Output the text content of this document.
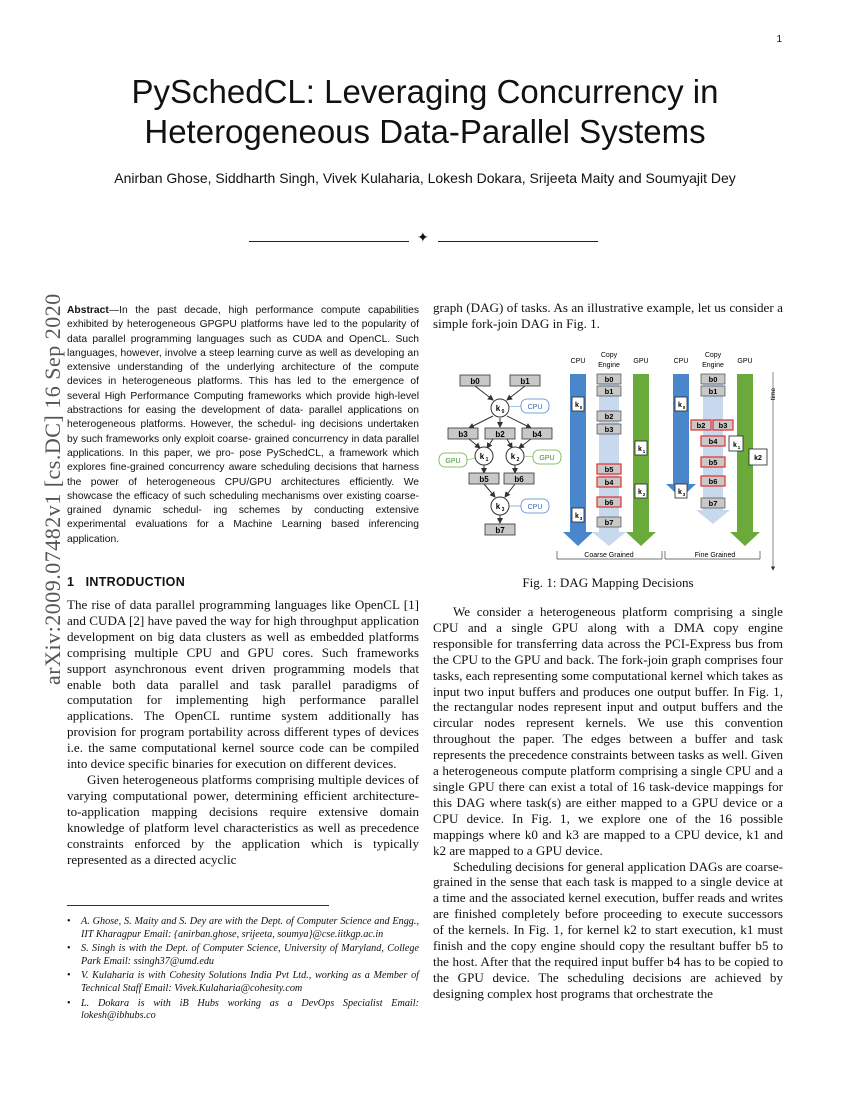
1
PySchedCL: Leveraging Concurrency in
Heterogeneous Data-Parallel Systems
Anirban Ghose, Siddharth Singh, Vivek Kulaharia, Lokesh Dokara, Srijeeta Maity and Soumyajit Dey
✦
arXiv:2009.07482v1 [cs.DC] 16 Sep 2020 Abstract—In the past decade, high performance compute capabilities exhibited by heterogeneous GPGPU platforms have led to the popularity of data parallel programming languages such as CUDA and OpenCL. Such languages, however, involve a steep learning curve as well as developing an extensive understanding of the underlying architecture of the compute devices in heterogeneous platforms. This has led to the emergence of several High Performance Computing frameworks which provide high-level abstractions for easing the development of data- parallel applications on heterogeneous platforms. However, the schedul- ing decisions undertaken by such frameworks only exploit coarse- grained concurrency in data parallel applications. In this paper, we pro- pose PySchedCL, a framework which explores fine-grained concurrency aware scheduling decisions that harness the power of heterogeneous CPU/GPU architectures efficiently. We showcase the efficacy of such scheduling mechanisms over existing coarse-grained dynamic schedul- ing schemes by conducting extensive experimental evaluations for a Machine Learning based inferencing application.
1 INTRODUCTION

The rise of data parallel programming languages like OpenCL [1] and CUDA [2] have paved the way for high throughput application development on big data clusters as well as embedded platforms comprising multiple CPU and GPU cores. Such frameworks support asynchronous event driven programming models that enable both data parallel and task parallel paradigms of computation for implementing high performance parallel applications. The OpenCL runtime system additionally has provision for program portability across different types of devices i.e. the same computational kernel source code can be compiled into device specific binaries for execution on different devices.

Given heterogeneous platforms comprising multiple devices of varying computational power, determining efficient architecture-to-application mapping decisions require extensive domain knowledge of platform level characteristics as well as precedence constraints enforced by the application which is typically represented as a directed acyclic

• A. Ghose, S. Maity and S. Dey are with the Dept. of Computer Science and Engg., IIT Kharagpur Email: {anirban.ghose, srijeeta, soumya}@cse.iitkgp.ac.in
• S. Singh is with the Dept. of Computer Science, University of Maryland, College Park Email: ssingh37@umd.edu
• V. Kulaharia is with Cohesity Solutions India Pvt Ltd., working as a Member of Technical Staff Email: Vivek.Kulaharia@cohesity.com
• L. Dokara is with iB Hubs working as a DevOps Specialist Email: lokesh@ibhubs.co
graph (DAG) of tasks. As an illustrative example, let us consider a simple fork-join DAG in Fig. 1.
b0	b1
b2
b3	b4
b5	b6
b7
k 0
k 1	k 2
k 3
CPU
GPU	GPU
CPU
CPU
Copy
Engine
GPU
b0
b1
b2
b3
b5
b4
b6
b7
k 0
k 3
k 1
k 2
Coarse Grained
CPU
Copy
Engine
GPU
b0
b1
b2 b3
b4
b5
b6
b7
k 0
k 3
k 1
k2
time
Fine Grained
Fig. 1: DAG Mapping Decisions

We consider a heterogeneous platform comprising a single CPU and a single GPU along with a DMA copy engine responsible for transferring data across the PCI-Express bus from the CPU to the GPU and back. The fork-join graph comprises four tasks, each representing some computational kernel which takes as input two input buffers and produces one output buffer. In Fig. 1, the rectangular nodes represent input and output buffers and the circular nodes represent kernels. We use this convention throughout the paper. The edges between a buffer and task represents the precedence constraints between tasks as well. Given a heterogeneous compute platform comprising a single CPU and a single GPU there can exist a total of 16 task-device mappings for this DAG where task(s) are either mapped to a GPU device or a CPU device. In Fig. 1, we explore one of the 16 possible mappings where k0 and k3 are mapped to a CPU device, k1 and k2 are mapped to a GPU device.

Scheduling decisions for general application DAGs are coarse-grained in the sense that each task is mapped to a single device at a time and the associated kernel execution, buffer reads and writes are finished completely before proceeding to execute successors of the kernels. In Fig. 1, for kernel k2 to start execution, k1 must finish and the copy engine should copy the resultant buffer b5 to the host. After that the required input buffer b4 has to be copied to the GPU device. The scheduling decisions are achieved by designing complex host programs that orchestrate the
